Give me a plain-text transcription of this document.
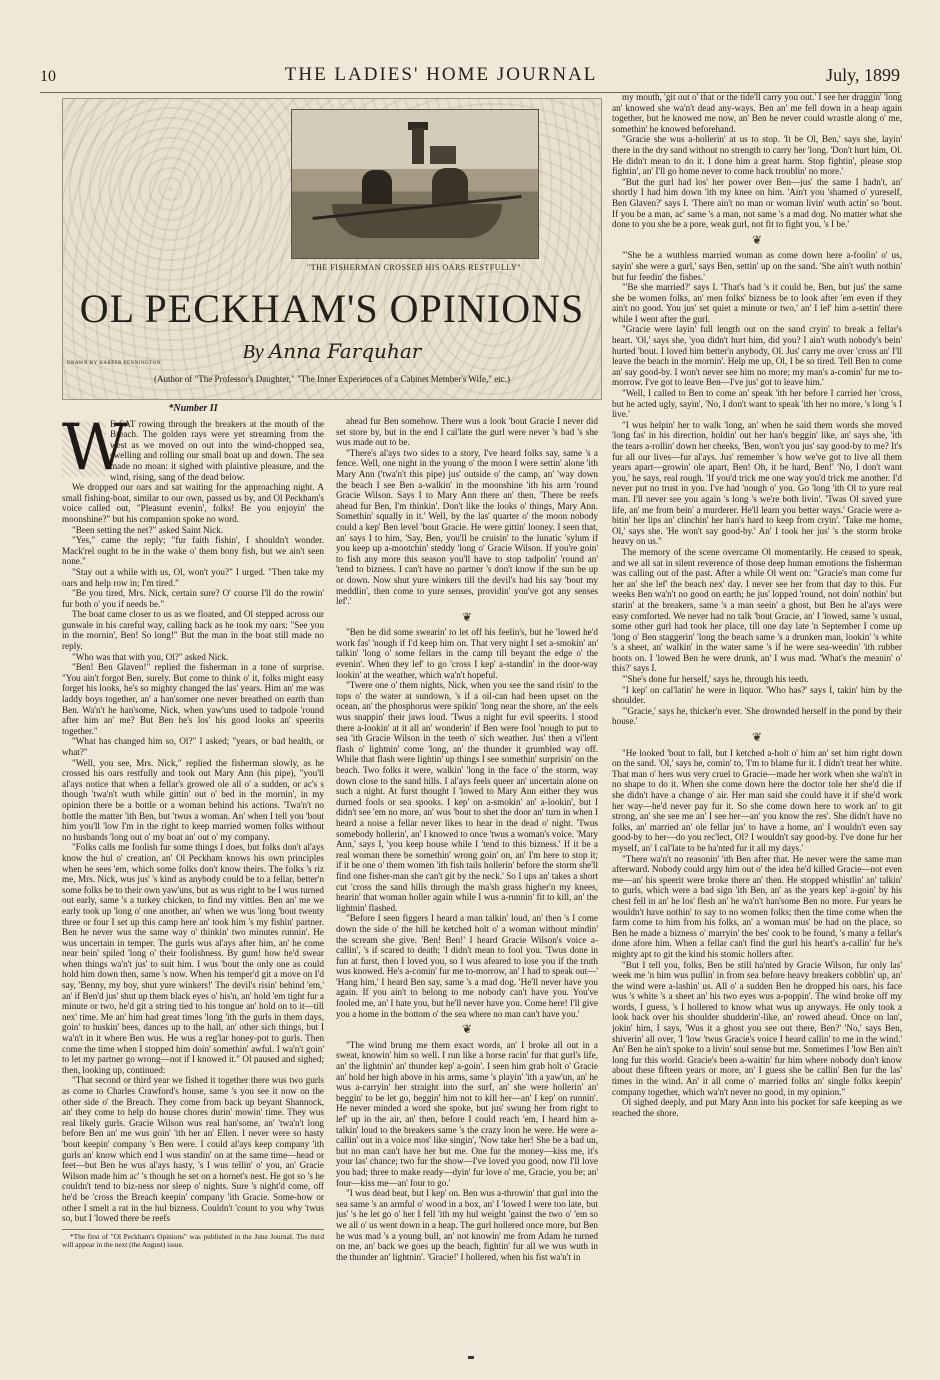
10	THE LADIES' HOME JOURNAL	July, 1899
"THE FISHERMAN CROSSED HIS OARS RESTFULLY"
OL PECKHAM'S OPINIONS
By Anna Farquhar
DRAWN BY HARPER PENNINGTON
(Author of "The Professor's Daughter," "The Inner Experiences of a Cabinet Member's Wife," etc.)
*Number II
W

E SAT rowing through the breakers at the mouth of the Breach. The golden rays were yet streaming from the west as we moved on out into the wind-chopped sea, swelling and rolling our small boat up and down. The sea made no moan: it sighed with plaintive pleasure, and the wind, rising, sang of the dead below.

We dropped our oars and sat waiting for the approaching night. A small fishing-boat, similar to our own, passed us by, and Ol Peckham's voice called out, "Pleasunt evenin', folks! Be you enjoyin' the moonshine?" but his companion spoke no word.

"Been setting the net?" asked Saint Nick.

"Yes," came the reply; "fur faith fishin', I shouldn't wonder. Mack'rel ought to be in the wake o' them bony fish, but we ain't seen none."

"Stay out a while with us, Ol, won't you?" I urged. "Then take my oars and help row in; I'm tired."

"Be you tired, Mrs. Nick, certain sure? O' course I'll do the rowin' fur both o' you if needs be."

The boat came closer to us as we floated, and Ol stepped across our gunwale in his careful way, calling back as he took my oars: "See you in the mornin', Ben! So long!" But the man in the boat still made no reply.

"Who was that with you, Ol?" asked Nick.

"Ben! Ben Glaven!" replied the fisherman in a tone of surprise. "You ain't forgot Ben, surely. But come to think o' it, folks might easy forget his looks, he's so mighty changed the las' years. Him an' me was laddy boys together, an' a han'somer one never breathed on earth than Ben. Wa'n't he han'some, Nick, when yaw'uns used to tadpole 'round after him an' me? But Ben he's los' his good looks an' speerits together."

"What has changed him so, Ol?" I asked; "years, or bad health, or what?"

"Well, you see, Mrs. Nick," replied the fisherman slowly, as he crossed his oars restfully and took out Mary Ann (his pipe), "you'll al'ays notice that when a fellar's growed ole all o' a sudden, or ac's s though 'twa'n't wuth while gittin' out o' bed in the mornin', in my opinion there be a bottle or a woman behind his actions. 'Twa'n't no bottle the matter 'ith Ben, but 'twus a woman. An' when I tell you 'bout him you'll 'low I'm in the right to keep married women folks without no husbands 'long out o' my boat an' out o' my company.

"Folks calls me foolish fur some things I does, but folks don't al'ays know the hul o' creation, an' Ol Peckham knows his own principles when he sees 'em, which some folks don't know theirs. The folks 's riz me, Mrs. Nick, wus jus' 's kind as anybody could be to a fellar, better'n some folks be to their own yaw'uns, but as wus right to be I wus turned out early, same 's a turkey chicken, to find my vittles. Ben an' me we early took up 'long o' one another, an' when we wus 'long 'bout twenty three or four I set up this camp here an' took him 's my fishin' partner. Ben he never wus the same way o' thinkin' two minutes runnin'. He wus uncertain in temper. The gurls wus al'ays after him, an' he come near bein' spiled 'long o' their foolishness. By gum! how he'd swear when things wa'n't jus' to suit him. I wus 'bout the only one as could hold him down then, same 's now. When his temper'd git a move on I'd say, 'Benny, my boy, shut yure winkers!' The devil's risin' behind 'em,' an' if Ben'd jus' shut up them black eyes o' his'n, an' hold 'em tight fur a minute or two, he'd git a string tied to his tongue an' hold on to it—till nex' time. Me an' him had great times 'long 'ith the gurls in them days, goin' to huskin' bees, dances up to the hall, an' other sich things, but I wa'n't in it where Ben wus. He wus a reg'lar honey-pot to gurls. Then come the time when I stopped him doin' somethin' awful. I wa'n't goin' to let my partner go wrong—not if I knowed it." Ol paused and sighed; then, looking up, continued:

"That second or third year we fished it together there wus two gurls as come to Charles Crawford's house, same 's you see it now on the other side o' the Breach. They come from back up beyant Shannock, an' they come to help do house chores durin' mowin' time. They wus real likely gurls. Gracie Wilson wus real han'some, an' 'twa'n't long before Ben an' me wus goin' 'ith her an' Ellen. I never were so hasty 'bout keepin' company 's Ben were. I could al'ays keep company 'ith gurls an' know which end I wus standin' on at the same time—head or feet—but Ben he wus al'ays hasty, 's I wus tellin' o' you, an' Gracie Wilson made him ac' 's though he set on a hornet's nest. He got so 's he couldn't tend to biz-ness nor sleep o' nights. Sure 's night'd come, off he'd be 'cross the Breach keepin' company 'ith Gracie. Some-how or other I smelt a rat in the hul bizness. Couldn't 'count to you why 'twus so, but I 'lowed there be reefs

*The first of "Ol Peckham's Opinions" was published in the June Journal. The third will appear in the next (the August) issue.

ahead fur Ben somehow. There wus a look 'bout Gracie I never did set store by, but in the end I cal'late the gurl were never 's bad 's she wus made out to be.

"There's al'ays two sides to a story, I've heard folks say, same 's a fence. Well, one night in the young o' the moon I were settin' alone 'ith Mary Ann ('twa'n't this pipe) jus' outside o' the camp, an' 'way down the beach I see Ben a-walkin' in the moonshine 'ith his arm 'round Gracie Wilson. Says I to Mary Ann there an' then, 'There be reefs ahead fur Ben, I'm thinkin'. Don't like the looks o' things, Mary Ann. Somethin' squally in it.' Well, by the las' quarter o' the moon nobody could a kep' Ben level 'bout Gracie. He were gittin' looney. I seen that, an' says I to him, 'Say, Ben, you'll be cruisin' to the lunatic 'sylum if you keep up a-mootchin' steddy 'long o' Gracie Wilson. If you're goin' to fish any more this season you'll have to stop tadpolin' 'round an' 'tend to bizness. I can't have no partner 's don't know if the sun be up or down. Now shut yure winkers till the devil's had his say 'bout my meddlin', then come to yure senses, providin' you've got any senses lef'.'

❦

"Ben he did some swearin' to let off his feelin's, but he 'lowed he'd work fas' 'nough if I'd keep him on. That very night I set a-smokin' an' talkin' 'long o' some fellars in the camp till beyant the edge o' the evenin'. When they lef' to go 'cross I kep' a-standin' in the door-way lookin' at the weather, which wa'n't hopeful.

"Twere one o' them nights, Nick, when you see the sand risin' to the tops o' the water at sundown, 's if a oil-can had been upset on the ocean, an' the phosphorus were spikin' 'long near the shore, an' the eels wus snappin' their jaws loud. 'Twus a night fur evil speerits. I stood there a-lookin' at it all an' wonderin' if Ben were fool 'nough to put to sea 'ith Gracie Wilson in the teeth o' sich weather. Jus' then a vi'lent flash o' lightnin' come 'long, an' the thunder it grumbled way off. While that flash were lightin' up things I see somethin' surprisin' on the beach. Two folks it were, walkin' 'long in the face o' the storm, way down close to the sand hills. I al'ays feels queer an' uncertain alone on such a night. At furst thought I 'lowed to Mary Ann either they wus durned fools or sea spooks. I kep' on a-smokin' an' a-lookin', but I didn't see 'em no more, an' wus 'bout to shet the door an' turn in when I heard a noise a fellar never likes to hear in the dead o' night. 'Twus somebody hollerin', an' I knowed to once 'twus a woman's voice. 'Mary Ann,' says I, 'you keep house while I 'tend to this bizness.' If it be a real woman there be somethin' wrong goin' on, an' I'm here to stop it; if it be one o' them women 'ith fish tails hollerin' before the storm she'll find one fisher-man she can't git by the neck.' So I ups an' takes a short cut 'cross the sand hills through the ma'sh grass higher'n my knees, hearin' that woman holler again while I wus a-runnin' fit to kill, an' the lightnin' flashed.

"Before I seen figgers I heard a man talkin' loud, an' then 's I come down the side o' the hill he ketched holt o' a woman without mindin' the scream she give. 'Ben! Ben!' I heard Gracie Wilson's voice a-callin', 's if scared to death; 'I didn't mean to fool you. 'Twus done in fun at furst, then I loved you, so I wus afeared to lose you if the truth wus knowed. He's a-comin' fur me to-morrow, an' I had to speak out—' 'Hang him,' I heard Ben say, same 's a mad dog. 'He'll never have you again. If you ain't to belong to me nobody can't have you. You've fooled me, an' I hate you, but he'll never have you. Come here! I'll give you a home in the bottom o' the sea where no man can't have you.'

❦

"The wind brung me them exact words, an' I broke all out in a sweat, knowin' him so well. I run like a horse racin' fur that gurl's life, an' the lightnin' an' thunder kep' a-goin'. I seen him grab holt o' Gracie an' hold her high above in his arms, same 's playin' 'ith a yaw'un, an' he wus a-carryin' her straight into the surf, an' she were hollerin' an' beggin' to be let go, beggin' him not to kill her—an' I kep' on runnin'. He never minded a word she spoke, but jus' swung her from right to lef' up in the air, an' then, before I could reach 'em, I heard him a-talkin' loud to the breakers same 's the crazy loon he were. He were a-callin' out in a voice mos' like singin', 'Now take her! She be a bad un, but no man can't have her but me. One fur the money—kiss me, it's your las' chance; two fur the show—I've loved you good, now I'll love you bad; three to make ready—dyin' fur love o' me, Gracie, you be; an' four—kiss me—an' four to go.'

"I wus dead beat, but I kep' on. Ben wus a-throwin' that gurl into the sea same 's an armful o' wood in a box, an' I 'lowed I were too late, but jus' 's he let go o' her I fell 'ith my hul weight 'gainst the two o' 'em so we all o' us went down in a heap. The gurl hollered once more, but Ben he wus mad 's a young bull, an' not knowin' me from Adam he turned on me, an' back we goes up the beach, fightin' fur all we wus wuth in the thunder an' lightnin'. 'Gracie!' I hollered, when his fist wa'n't in

my mouth, 'git out o' that or the tide'll carry you out.' I see her draggin' 'long an' knowed she wa'n't dead any-ways. Ben an' me fell down in a heap again together, but he knowed me now, an' Ben he never could wrastle along o' me, somethin' he knowed beforehand.

"Gracie she wus a-hollerin' at us to stop. 'It be Ol, Ben,' says she, layin' there in the dry sand without no strength to carry her 'long. 'Don't hurt him, Ol. He didn't mean to do it. I done him a great harm. Stop fightin', please stop fightin', an' I'll go home never to come back troublin' no more.'

"But the gurl had los' her power over Ben—jus' the same I hadn't, an' shortly I had him down 'ith my knee on him. 'Ain't you 'shamed o' yureself, Ben Glaven?' says I. 'There ain't no man or woman livin' wuth actin' so 'bout. If you be a man, ac' same 's a man, not same 's a mad dog. No matter what she done to you she be a pore, weak gurl, not fit to fight you, 's I be.'

❦

"'She be a wuthless married woman as come down here a-foolin' o' us, sayin' she were a gurl,' says Ben, settin' up on the sand. 'She ain't wuth nothin' but fur feedin' the fishes.'

"'Be she married?' says I. 'That's bad 's it could be, Ben, but jus' the same she be women folks, an' men folks' bizness be to look after 'em even if they ain't no good. You jus' set quiet a minute or two,' an' I lef' him a-settin' there while I went after the gurl.

"Gracie were layin' full length out on the sand cryin' to break a fellar's heart. 'Ol,' says she, 'you didn't hurt him, did you? I ain't wuth nobody's bein' hurted 'bout. I loved him better'n anybody, Ol. Jus' carry me over 'cross an' I'll leave the beach in the mornin'. Help me up, Ol, I be so tired. Tell Ben to come an' say good-by. I won't never see him no more; my man's a-comin' fur me to-morrow. I've got to leave Ben—I've jus' got to leave him.'

"Well, I called to Ben to come an' speak 'ith her before I carried her 'cross, but he acted ugly, sayin', 'No, I don't want to speak 'ith her no more, 's long 's I live.'

"I wus helpin' her to walk 'long, an' when he said them words she moved 'long fas' in his direction, holdin' out her han's beggin' like, an' says she, 'ith the tears a-rollin' down her cheeks, 'Ben, won't you jus' say good-by to me? It's fur all our lives—fur al'ays. Jus' remember 's how we've got to live all them years apart—growin' ole apart, Ben! Oh, it be hard, Ben!' 'No, I don't want you,' he says, real rough. 'If you'd trick me one way you'd trick me another. I'd never put no trust in you. I've had 'nough o' you. Go 'long 'ith Ol to yure real man. I'll never see you again 's long 's we're both livin'. 'Twas Ol saved yure life, an' me from bein' a murderer. He'll learn you better ways.' Gracie were a-bitin' her lips an' clinchin' her han's hard to keep from cryin'. 'Take me home, Ol,' says she. 'He won't say good-by.' An' I took her jus' 's the storm broke heavy on us."

The memory of the scene overcame Ol momentarily. He ceased to speak, and we all sat in silent reverence of those deep human emotions the fisherman was calling out of the past. After a while Ol went on: "Gracie's man come fur her an' she lef' the beach nex' day. I never see her from that day to this. Fur weeks Ben wa'n't no good on earth; he jus' lopped 'round, not doin' nothin' but starin' at the breakers, same 's a man seein' a ghost, but Ben he al'ays were easy comforted. We never had no talk 'bout Gracie, an' I 'lowed, same 's usual, some other gurl had took her place, till one day late 'n September I come up 'long o' Ben staggerin' 'long the beach same 's a drunken man, lookin' 's white 's a sheet, an' walkin' in the water same 's if he were sea-weedin' 'ith rubber boots on. I 'lowed Ben he were drunk, an' I wus mad. 'What's the meanin' o' this?' says I.

"'She's done fur herself,' says he, through his teeth.

"I kep' on cal'latin' he were in liquor. 'Who has?' says I, takin' him by the shoulder.

"'Gracie,' says he, thicker'n ever. 'She drownded herself in the pond by their house.'

❦

"He looked 'bout to fall, but I ketched a-holt o' him an' set him right down on the sand. 'Ol,' says he, comin' to, 'I'm to blame fur it. I didn't treat her white. That man o' hers wus very cruel to Gracie—made her work when she wa'n't in no shape to do it. When she come down here the doctor tole her she'd die if she didn't have a change o' air. Her man said she could have it if she'd work her way—he'd never pay fur it. So she come down here to work an' to git strong, an' she see me an' I see her—an' you know the res'. She didn't have no folks, an' married an' ole fellar jus' to have a home, an' I wouldn't even say good-by to her—do you rec'lect, Ol? I wouldn't say good-by. I've done fur her myself, an' I cal'late to be ha'nted fur it all my days.'

"There wa'n't no reasonin' 'ith Ben after that. He never were the same man afterward. Nobody could argy him out o' the idea he'd killed Gracie—not even me—an' his speerit were broke there an' then. He stopped whistlin' an' talkin' to gurls, which were a bad sign 'ith Ben, an' as the years kep' a-goin' by his chest fell in an' he los' flesh an' he wa'n't han'some Ben no more. Fur years he wouldn't have nothin' to say to no women folks; then the time come when the farm come to him from his folks, an' a woman mus' be had on the place, so Ben he made a bizness o' marryin' the bes' cook to be found, 's many a fellar's done afore him. When a fellar can't find the gurl his heart's a-callin' fur he's mighty apt to git the kind his stomic hollers after.

"But I tell you, folks, Ben be still ha'nted by Gracie Wilson, fur only las' week me 'n him wus pullin' in from sea before heavy breakers cobblin' up, an' the wind were a-lashin' us. All o' a sudden Ben he dropped his oars, his face wus 's white 's a sheet an' his two eyes wus a-poppin'. The wind broke off my words, I guess, 's I hollered to know what wus up anyways. He only took a look back over his shoulder shudderin'-like, an' rowed ahead. Once on lan', jokin' him, I says, 'Wus it a ghost you see out there, Ben?' 'No,' says Ben, shiverin' all over, 'I 'low 'twus Gracie's voice I heard callin' to me in the wind.' An' Ben he ain't spoke to a livin' soul sense but me. Sometimes I 'low Ben ain't long fur this world. Gracie's been a-waitin' fur him where nobody don't know about these fifteen years or more, an' I guess she be callin' Ben fur the las' times in the wind. An' it all come o' married folks an' single folks keepin' company together, which wa'n't never no good, in my opinion."

Ol sighed deeply, and put Mary Ann into his pocket for safe keeping as we reached the shore.
